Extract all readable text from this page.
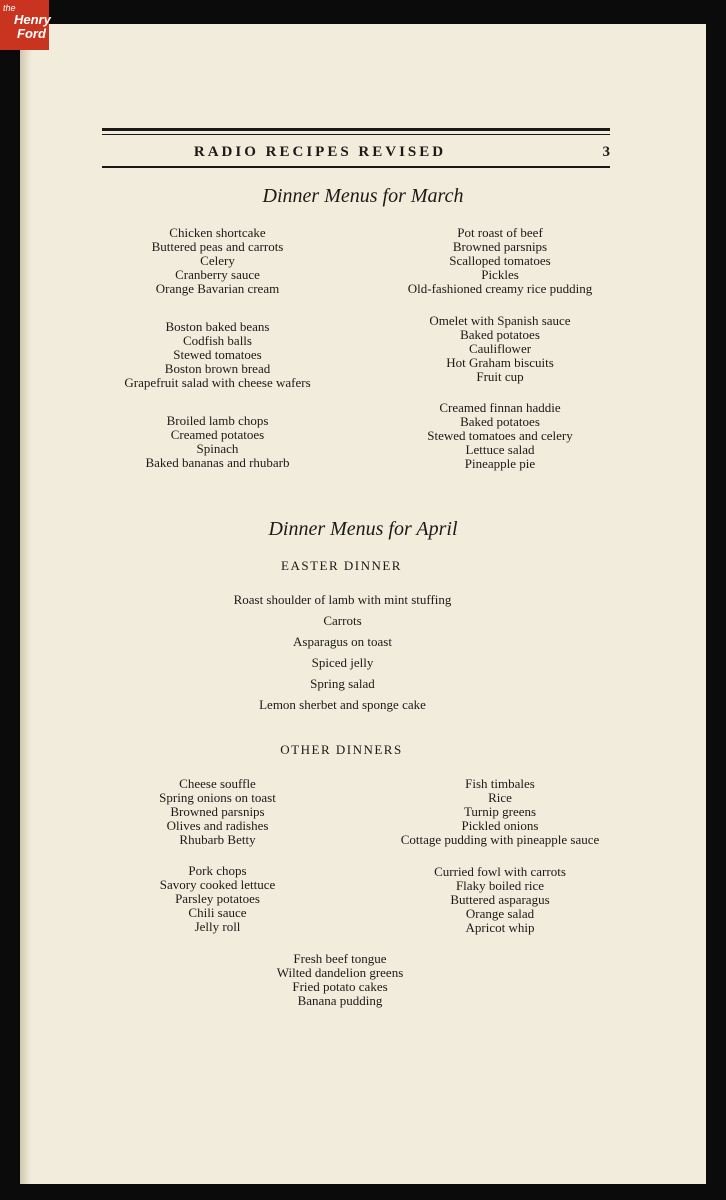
RADIO RECIPES REVISED	3
Dinner Menus for March
Chicken shortcake
Buttered peas and carrots
Celery
Cranberry sauce
Orange Bavarian cream
Boston baked beans
Codfish balls
Stewed tomatoes
Boston brown bread
Grapefruit salad with cheese wafers
Broiled lamb chops
Creamed potatoes
Spinach
Baked bananas and rhubarb
Pot roast of beef
Browned parsnips
Scalloped tomatoes
Pickles
Old-fashioned creamy rice pudding
Omelet with Spanish sauce
Baked potatoes
Cauliflower
Hot Graham biscuits
Fruit cup
Creamed finnan haddie
Baked potatoes
Stewed tomatoes and celery
Lettuce salad
Pineapple pie
Dinner Menus for April
EASTER DINNER
Roast shoulder of lamb with mint stuffing
Carrots
Asparagus on toast
Spiced jelly
Spring salad
Lemon sherbet and sponge cake
OTHER DINNERS
Cheese souffle
Spring onions on toast
Browned parsnips
Olives and radishes
Rhubarb Betty
Pork chops
Savory cooked lettuce
Parsley potatoes
Chili sauce
Jelly roll
Fish timbales
Rice
Turnip greens
Pickled onions
Cottage pudding with pineapple sauce
Curried fowl with carrots
Flaky boiled rice
Buttered asparagus
Orange salad
Apricot whip
Fresh beef tongue
Wilted dandelion greens
Fried potato cakes
Banana pudding
the
Henry
Ford
